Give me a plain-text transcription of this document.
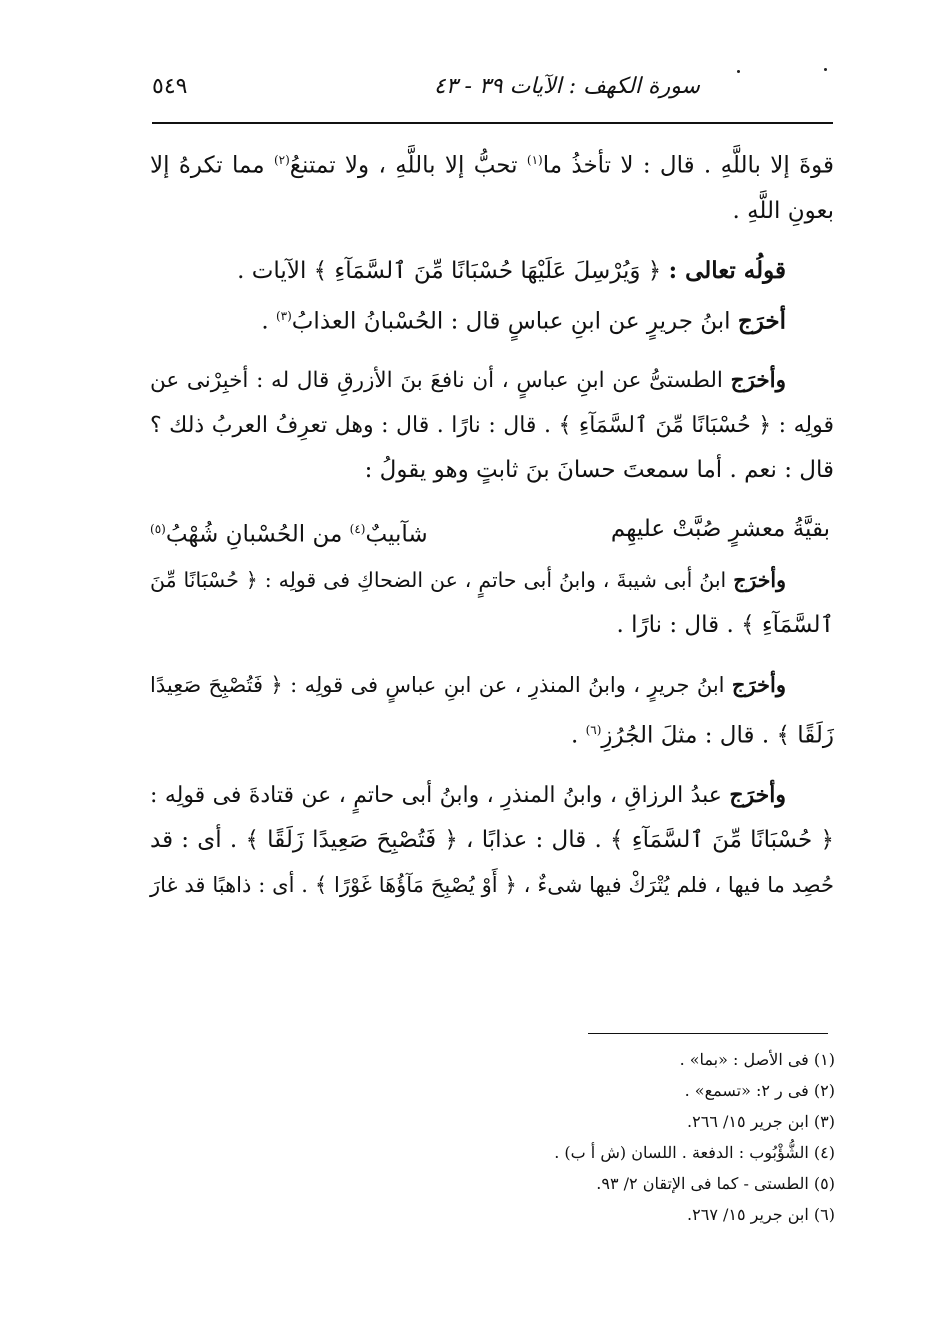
٥٤٩	سورة الكهف : الآيات ٣٩ - ٤٣

قوةَ إلا باللَّهِ . قال : لا تأخذُ ما$^{(١)}$ تحبُّ إلا باللَّهِ ، ولا تمتنعُ$^{(٢)}$ مما تكرهُ إلا

بعونِ اللَّهِ .

قولُه تعالى : ﴿ وَيُرْسِلَ عَلَيْهَا حُسْبَانًا مِّنَ ٱلسَّمَآءِ ﴾ الآيات .

أخرَج ابنُ جريرٍ عن ابنِ عباسٍ قال : الحُسْبانُ العذابُ$^{(٣)}$ .

وأخرَج الطستىُّ عن ابنِ عباسٍ ، أن نافعَ بنَ الأزرقِ قال له : أخبِرْنى عن

قولِه : ﴿ حُسْبَانًا مِّنَ ٱلسَّمَآءِ ﴾ . قال : نارًا . قال : وهل تعرِفُ العربُ ذلك ؟

قال : نعم . أما سمعتَ حسانَ بنَ ثابتٍ وهو يقولُ :

بقيَّةُ معشرٍ صُبَّتْ عليهِم
شآبيبٌ$^{(٤)}$ من الحُسْبانِ شُهْبُ$^{(٥)}$

وأخرَج ابنُ أبى شيبةَ ، وابنُ أبى حاتمٍ ، عن الضحاكِ فى قولِه : ﴿ حُسْبَانًا مِّنَ

ٱلسَّمَآءِ ﴾ . قال : نارًا .

وأخرَج ابنُ جريرٍ ، وابنُ المنذرِ ، عن ابنِ عباسٍ فى قولِه : ﴿ فَتُصْبِحَ صَعِيدًا

زَلَقًا ﴾ . قال : مثلَ الجُرُزِ$^{(٦)}$ .

وأخرَج عبدُ الرزاقِ ، وابنُ المنذرِ ، وابنُ أبى حاتمٍ ، عن قتادةَ فى قولِه :

﴿ حُسْبَانًا مِّنَ ٱلسَّمَآءِ ﴾ . قال : عذابًا ، ﴿ فَتُصْبِحَ صَعِيدًا زَلَقًا ﴾ . أى : قد

حُصِد ما فيها ، فلم يُتْرَكْ فيها شىءٌ ، ﴿ أَوْ يُصْبِحَ مَآؤُهَا غَوْرًا ﴾ . أى : ذاهبًا قد غارَ

(١) فى الأصل : «بما» .

(٢) فى ر ٢: «تسمع» .

(٣) ابن جرير ١٥/ ٢٦٦.

(٤) الشُّؤْبُوب : الدفعة . اللسان (ش أ ب) .

(٥) الطستى - كما فى الإتقان ٢/ ٩٣.

(٦) ابن جرير ١٥/ ٢٦٧.
